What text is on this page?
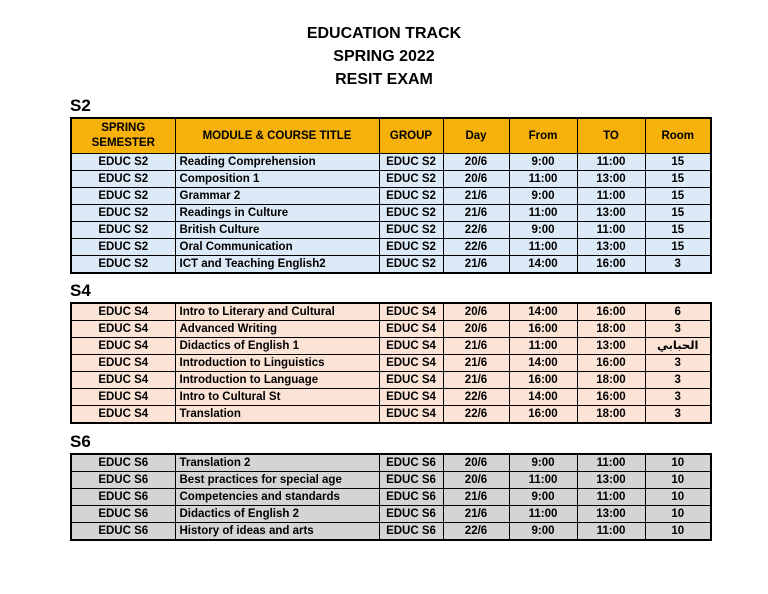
EDUCATION TRACK
SPRING 2022
RESIT EXAM
S2
SPRING SEMESTER	MODULE & COURSE TITLE	GROUP	Day	From	TO	Room
EDUC S2	Reading Comprehension	EDUC S2	20/6	9:00	11:00	15
EDUC S2	Composition 1	EDUC S2	20/6	11:00	13:00	15
EDUC S2	Grammar 2	EDUC S2	21/6	9:00	11:00	15
EDUC S2	Readings in Culture	EDUC S2	21/6	11:00	13:00	15
EDUC S2	British Culture	EDUC S2	22/6	9:00	11:00	15
EDUC S2	Oral Communication	EDUC S2	22/6	11:00	13:00	15
EDUC S2	ICT and Teaching English2	EDUC S2	21/6	14:00	16:00	3
S4
EDUC S4	Intro to Literary and Cultural	EDUC S4	20/6	14:00	16:00	6
EDUC S4	Advanced Writing	EDUC S4	20/6	16:00	18:00	3
EDUC S4	Didactics of English 1	EDUC S4	21/6	11:00	13:00	الحبابي
EDUC S4	Introduction to Linguistics	EDUC S4	21/6	14:00	16:00	3
EDUC S4	Introduction to Language	EDUC S4	21/6	16:00	18:00	3
EDUC S4	Intro to Cultural St	EDUC S4	22/6	14:00	16:00	3
EDUC S4	Translation	EDUC S4	22/6	16:00	18:00	3
S6
EDUC S6	Translation 2	EDUC S6	20/6	9:00	11:00	10
EDUC S6	Best practices for special age	EDUC S6	20/6	11:00	13:00	10
EDUC S6	Competencies and standards	EDUC S6	21/6	9:00	11:00	10
EDUC S6	Didactics of English 2	EDUC S6	21/6	11:00	13:00	10
EDUC S6	History of ideas and arts	EDUC S6	22/6	9:00	11:00	10
